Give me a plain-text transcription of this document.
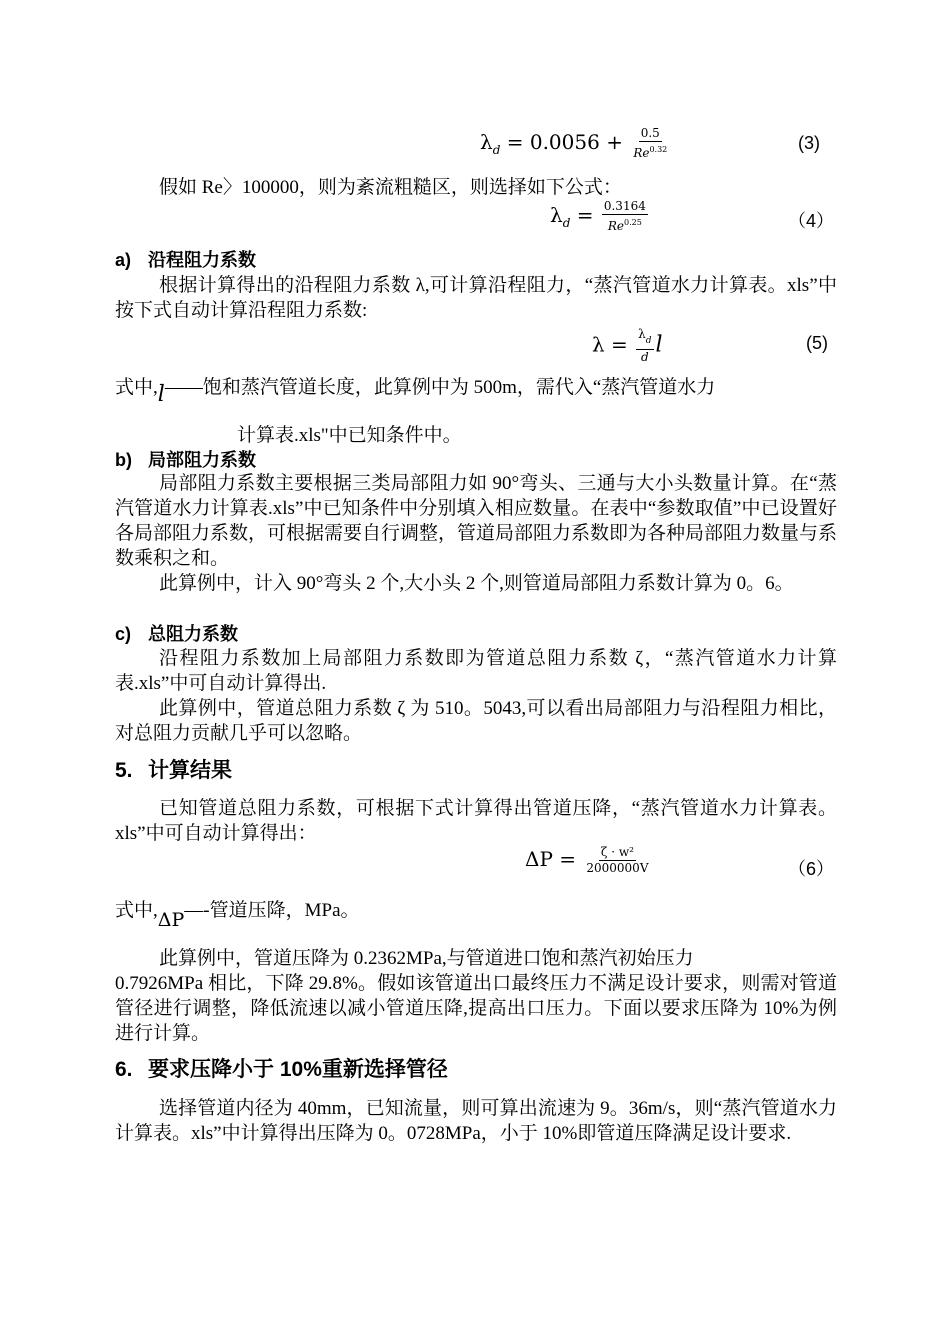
$\lambda_d = 0.0056 + \frac{0.5}{Re^{0.32}}$	(3)
假如 Re〉100000，则为紊流粗糙区，则选择如下公式：
$\lambda_d = \frac{0.3164}{Re^{0.25}}$	（4）
a) 沿程阻力系数
根据计算得出的沿程阻力系数 λ,可计算沿程阻力，“蒸汽管道水力计算表。xls”中按下式自动计算沿程阻力系数:
$\lambda = \frac{\lambda_d}{d}$ l	(5)
式中,l——饱和蒸汽管道长度，此算例中为 500m，需代入“蒸汽管道水力
计算表.xls"中已知条件中。
b) 局部阻力系数
局部阻力系数主要根据三类局部阻力如 90°弯头、三通与大小头数量计算。在“蒸汽管道水力计算表.xls”中已知条件中分别填入相应数量。在表中“参数取值”中已设置好各局部阻力系数，可根据需要自行调整，管道局部阻力系数即为各种局部阻力数量与系数乘积之和。
此算例中，计入 90°弯头 2 个,大小头 2 个,则管道局部阻力系数计算为 0。6。
c) 总阻力系数
沿程阻力系数加上局部阻力系数即为管道总阻力系数 ζ，“蒸汽管道水力计算表.xls”中可自动计算得出.
此算例中，管道总阻力系数 ζ 为 510。5043,可以看出局部阻力与沿程阻力相比，对总阻力贡献几乎可以忽略。
5. 计算结果
已知管道总阻力系数，可根据下式计算得出管道压降，“蒸汽管道水力计算表。xls”中可自动计算得出：
$\Delta P = \frac{\text{ζ · w²}}{2000000V}$	（6）
式中,ΔP—-管道压降，MPa。
此算例中，管道压降为 0.2362MPa,与管道进口饱和蒸汽初始压力
0.7926MPa 相比，下降 29.8%。假如该管道出口最终压力不满足设计要求，则需对管道管径进行调整，降低流速以减小管道压降,提高出口压力。下面以要求压降为 10%为例进行计算。
6. 要求压降小于 10%重新选择管径
选择管道内径为 40mm，已知流量，则可算出流速为 9。36m/s，则“蒸汽管道水力计算表。xls”中计算得出压降为 0。0728MPa，小于 10%即管道压降满足设计要求.
